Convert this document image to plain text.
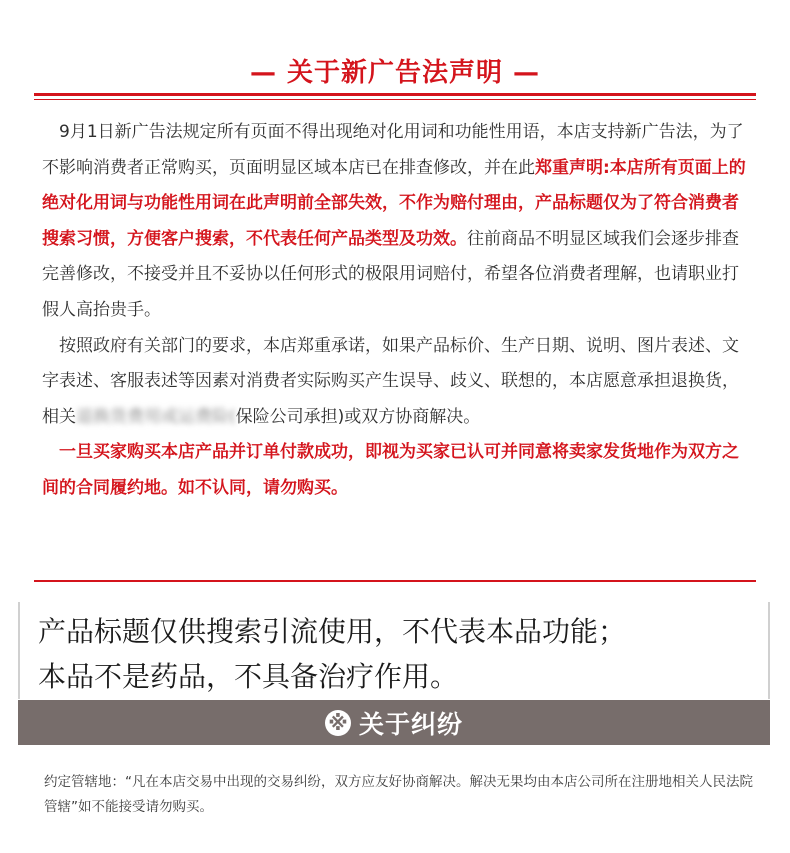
— 关于新广告法声明 —

 9月1日新广告法规定所有页面不得出现绝对化用词和功能性用语，本店支持新广告法，为了不影响消费者正常购买，页面明显区域本店已在排查修改，并在此郑重声明:本店所有页面上的绝对化用词与功能性用词在此声明前全部失效，不作为赔付理由，产品标题仅为了符合消费者搜索习惯，方便客户搜索，不代表任何产品类型及功效。往前商品不明显区域我们会逐步排查完善修改，不接受并且不妥协以任何形式的极限用词赔付，希望各位消费者理解，也请职业打假人高抬贵手。

 按照政府有关部门的要求，本店郑重承诺，如果产品标价、生产日期、说明、图片表述、文字表述、客服表述等因素对消费者实际购买产生误导、歧义、联想的，本店愿意承担退换货，相关退换货费用或运费险(保险公司承担)或双方协商解决。

 一旦买家购买本店产品并订单付款成功，即视为买家已认可并同意将卖家发货地作为双方之间的合同履约地。如不认同，请勿购买。

产品标题仅供搜索引流使用，不代表本品功能；
本品不是药品，不具备治疗作用。
※ 关于纠纷
约定管辖地：“凡在本店交易中出现的交易纠纷，双方应友好协商解决。解决无果均由本店公司所在注册地相关人民法院管辖”如不能接受请勿购买。
